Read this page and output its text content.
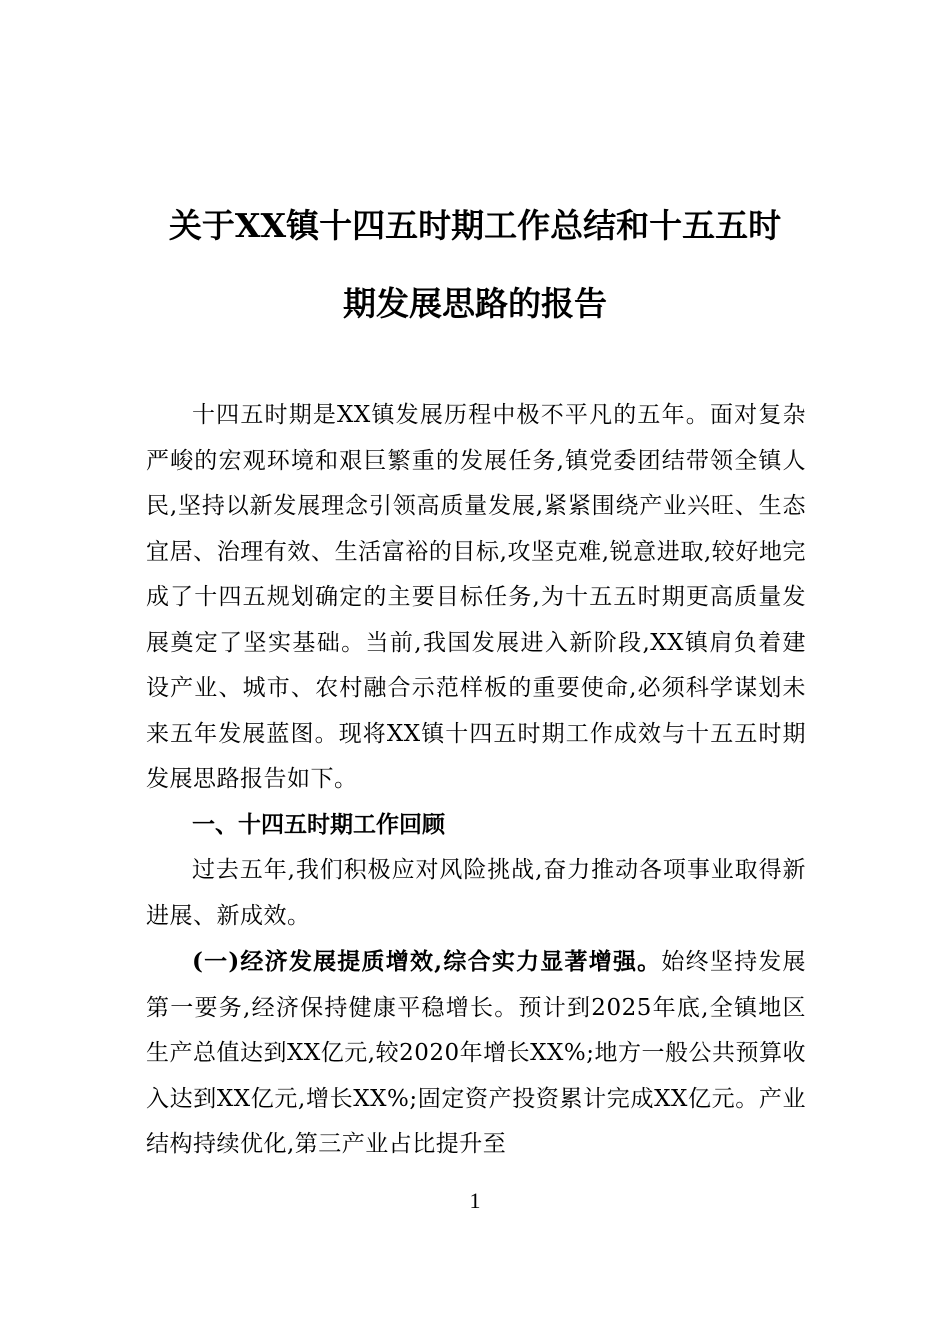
关于XX镇十四五时期工作总结和十五五时
期发展思路的报告

十四五时期是XX镇发展历程中极不平凡的五年。面对复杂严峻的宏观环境和艰巨繁重的发展任务,镇党委团结带领全镇人民,坚持以新发展理念引领高质量发展,紧紧围绕产业兴旺、生态宜居、治理有效、生活富裕的目标,攻坚克难,锐意进取,较好地完成了十四五规划确定的主要目标任务,为十五五时期更高质量发展奠定了坚实基础。当前,我国发展进入新阶段,XX镇肩负着建设产业、城市、农村融合示范样板的重要使命,必须科学谋划未来五年发展蓝图。现将XX镇十四五时期工作成效与十五五时期发展思路报告如下。

一、十四五时期工作回顾

过去五年,我们积极应对风险挑战,奋力推动各项事业取得新进展、新成效。

(一)经济发展提质增效,综合实力显著增强。始终坚持发展第一要务,经济保持健康平稳增长。预计到2025年底,全镇地区生产总值达到XX亿元,较2020年增长XX%;地方一般公共预算收入达到XX亿元,增长XX%;固定资产投资累计完成XX亿元。产业结构持续优化,第三产业占比提升至

1
